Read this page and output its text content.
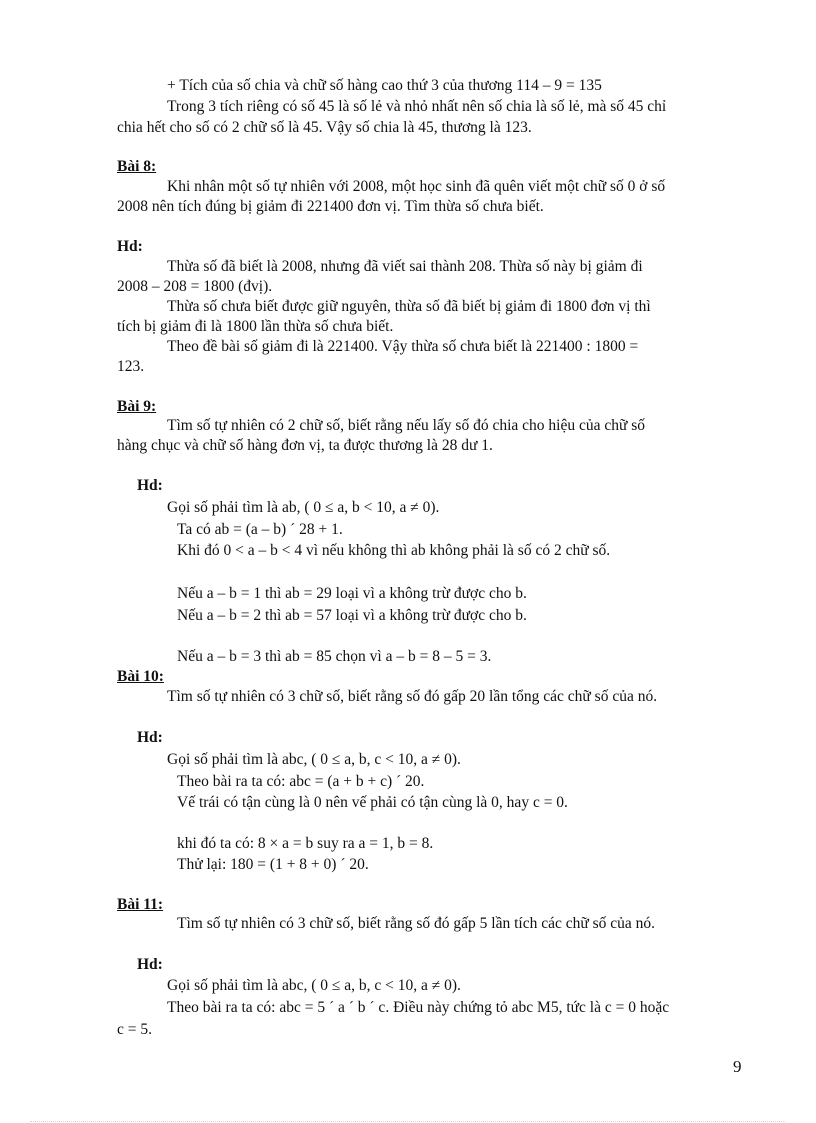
+ Tích của số chia và chữ số hàng cao thứ 3 của thương 114 – 9 = 135
Trong 3 tích riêng có số 45 là số lẻ và nhỏ nhất nên số chia là số lẻ, mà số 45 chỉ
chia hết cho số có 2 chữ số là 45. Vậy số chia là 45, thương là 123.
Bài 8:
Khi nhân một số tự nhiên với 2008, một học sinh đã quên viết một chữ số 0 ở số
2008 nên tích đúng bị giảm đi 221400 đơn vị. Tìm thừa số chưa biết.
Hd:
Thừa số đã biết là 2008, nhưng đã viết sai thành 208. Thừa số này bị giảm đi
2008 – 208 = 1800 (đvị).
Thừa số chưa biết được giữ nguyên, thừa số đã biết bị giảm đi 1800 đơn vị thì
tích bị giảm đi là 1800 lần thừa số chưa biết.
Theo đề bài số giảm đi là 221400. Vậy thừa số chưa biết là 221400 : 1800 =
123.
Bài 9:
Tìm số tự nhiên có 2 chữ số, biết rằng nếu lấy số đó chia cho hiệu của chữ số
hàng chục và chữ số hàng đơn vị, ta được thương là 28 dư 1.
Hd:
Gọi số phải tìm là ab, ( 0 ≤ a, b < 10, a ≠ 0).
Ta có ab = (a – b) ´ 28 + 1.
Khi đó 0 < a – b < 4 vì nếu không thì ab không phải là số có 2 chữ số.
Nếu a – b = 1 thì ab = 29 loại vì a không trừ được cho b.
Nếu a – b = 2 thì ab = 57 loại vì a không trừ được cho b.
Nếu a – b = 3 thì ab = 85 chọn vì a – b = 8 – 5 = 3.
Bài 10:
Tìm số tự nhiên có 3 chữ số, biết rằng số đó gấp 20 lần tổng các chữ số của nó.
Hd:
Gọi số phải tìm là abc, ( 0 ≤ a, b, c < 10, a ≠ 0).
Theo bài ra ta có: abc = (a + b + c) ´ 20.
Vế trái có tận cùng là 0 nên vế phải có tận cùng là 0, hay c = 0.
khi đó ta có: 8 × a = b suy ra a = 1, b = 8.
Thử lại: 180 = (1 + 8 + 0) ´ 20.
Bài 11:
Tìm số tự nhiên có 3 chữ số, biết rằng số đó gấp 5 lần tích các chữ số của nó.
Hd:
Gọi số phải tìm là abc, ( 0 ≤ a, b, c < 10, a ≠ 0).
Theo bài ra ta có: abc = 5 ´ a ´ b ´ c. Điều này chứng tỏ abc M5, tức là c = 0 hoặc
c = 5.
9
